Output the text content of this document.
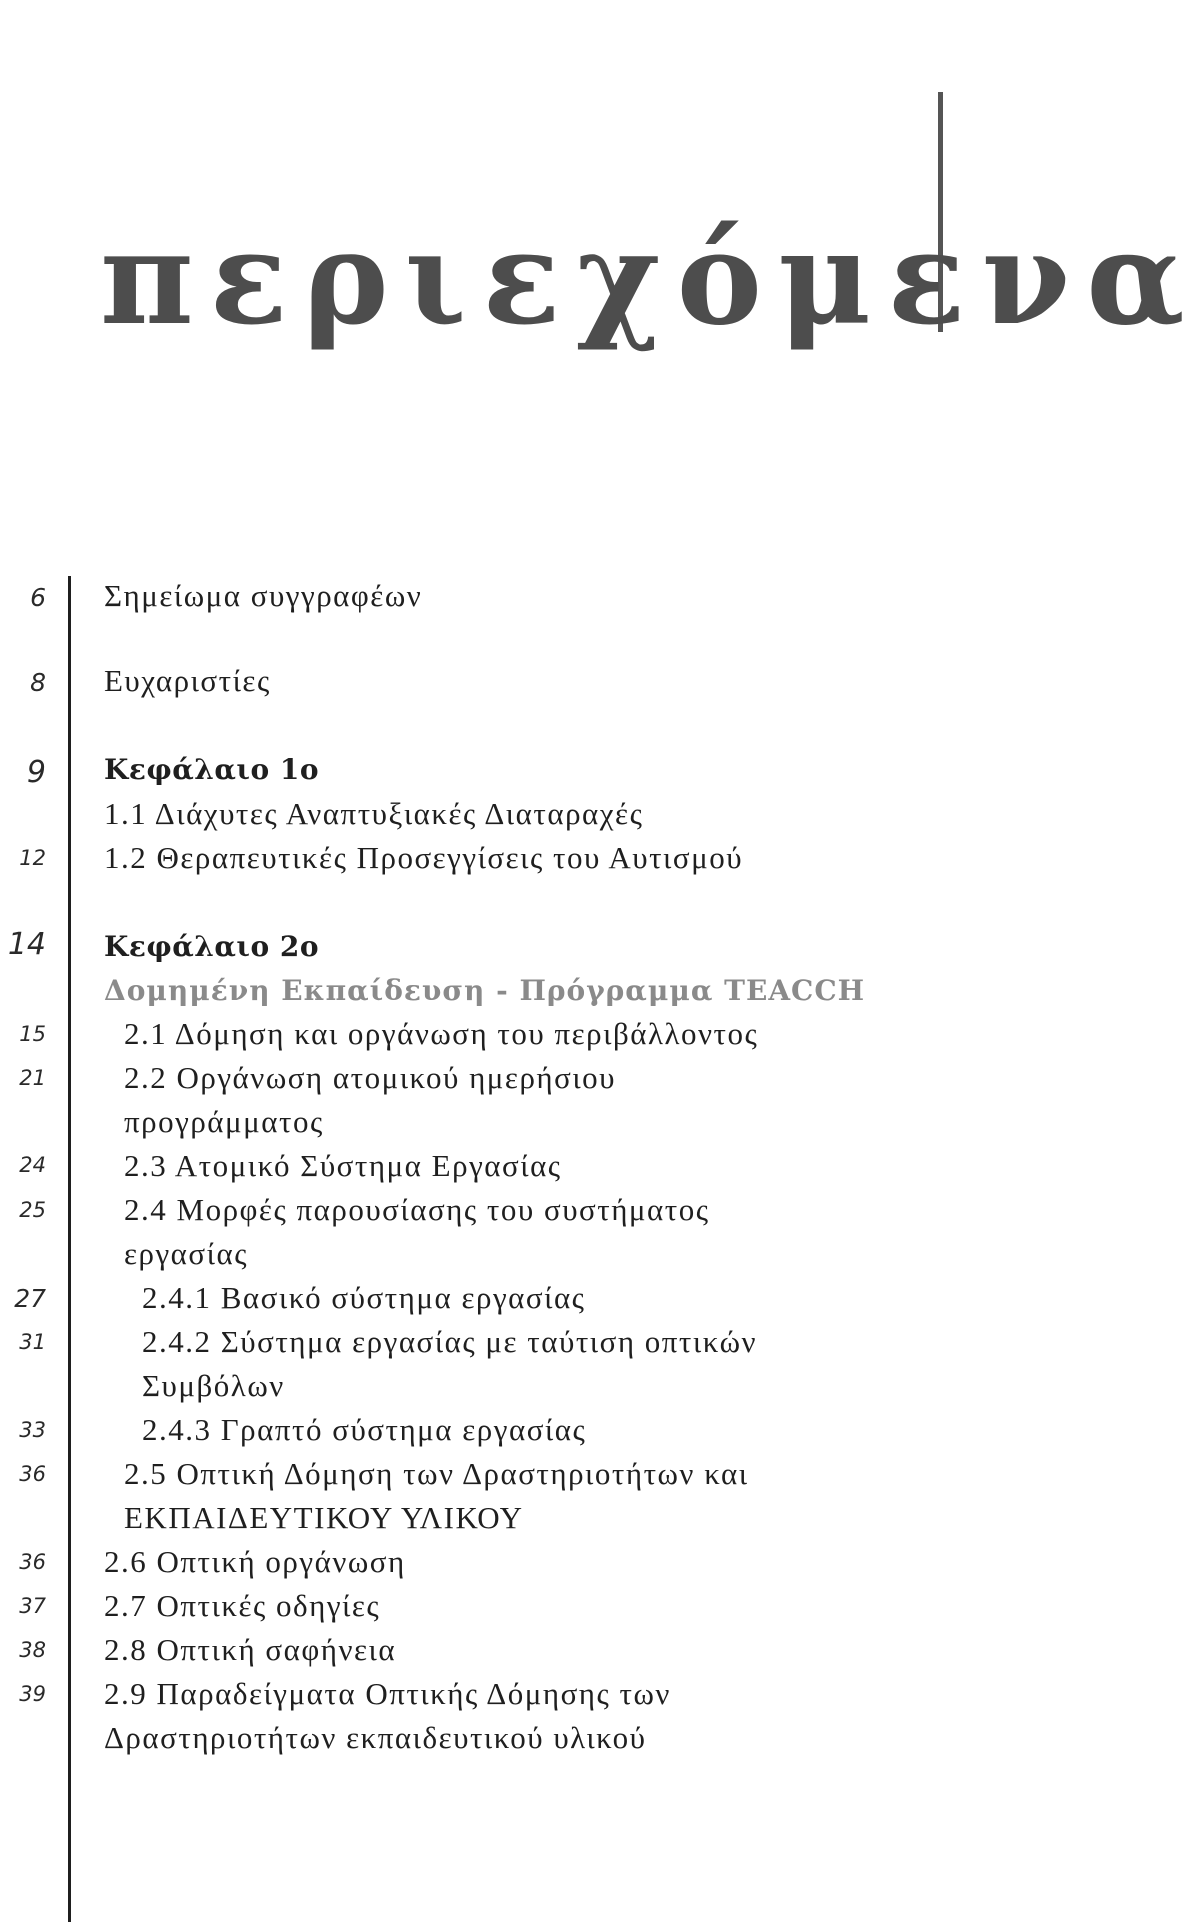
περιεχόμενα
6
8
9
12
14
15
21
24
25
27
31
33
36
36
37
38
39
Σημείωμα συγγραφέων
Ευχαριστίες
Κεφάλαιο 1ο
1.1 Διάχυτες Αναπτυξιακές Διαταραχές
1.2 Θεραπευτικές Προσεγγίσεις του Αυτισμού
Κεφάλαιο 2ο
Δομημένη Εκπαίδευση - Πρόγραμμα TEACCH
2.1 Δόμηση και οργάνωση του περιβάλλοντος
2.2 Οργάνωση ατομικού ημερήσιου
προγράμματος
2.3 Ατομικό Σύστημα Εργασίας
2.4 Μορφές παρουσίασης του συστήματος
εργασίας
2.4.1 Βασικό σύστημα εργασίας
2.4.2 Σύστημα εργασίας με ταύτιση οπτικών
Συμβόλων
2.4.3 Γραπτό σύστημα εργασίας
2.5 Οπτική Δόμηση των Δραστηριοτήτων και
ΕΚΠΑΙΔΕΥΤΙΚΟΥ ΥΛΙΚΟΥ
2.6 Οπτική οργάνωση
2.7 Οπτικές οδηγίες
2.8 Οπτική σαφήνεια
2.9 Παραδείγματα Οπτικής Δόμησης των
Δραστηριοτήτων εκπαιδευτικού υλικού
